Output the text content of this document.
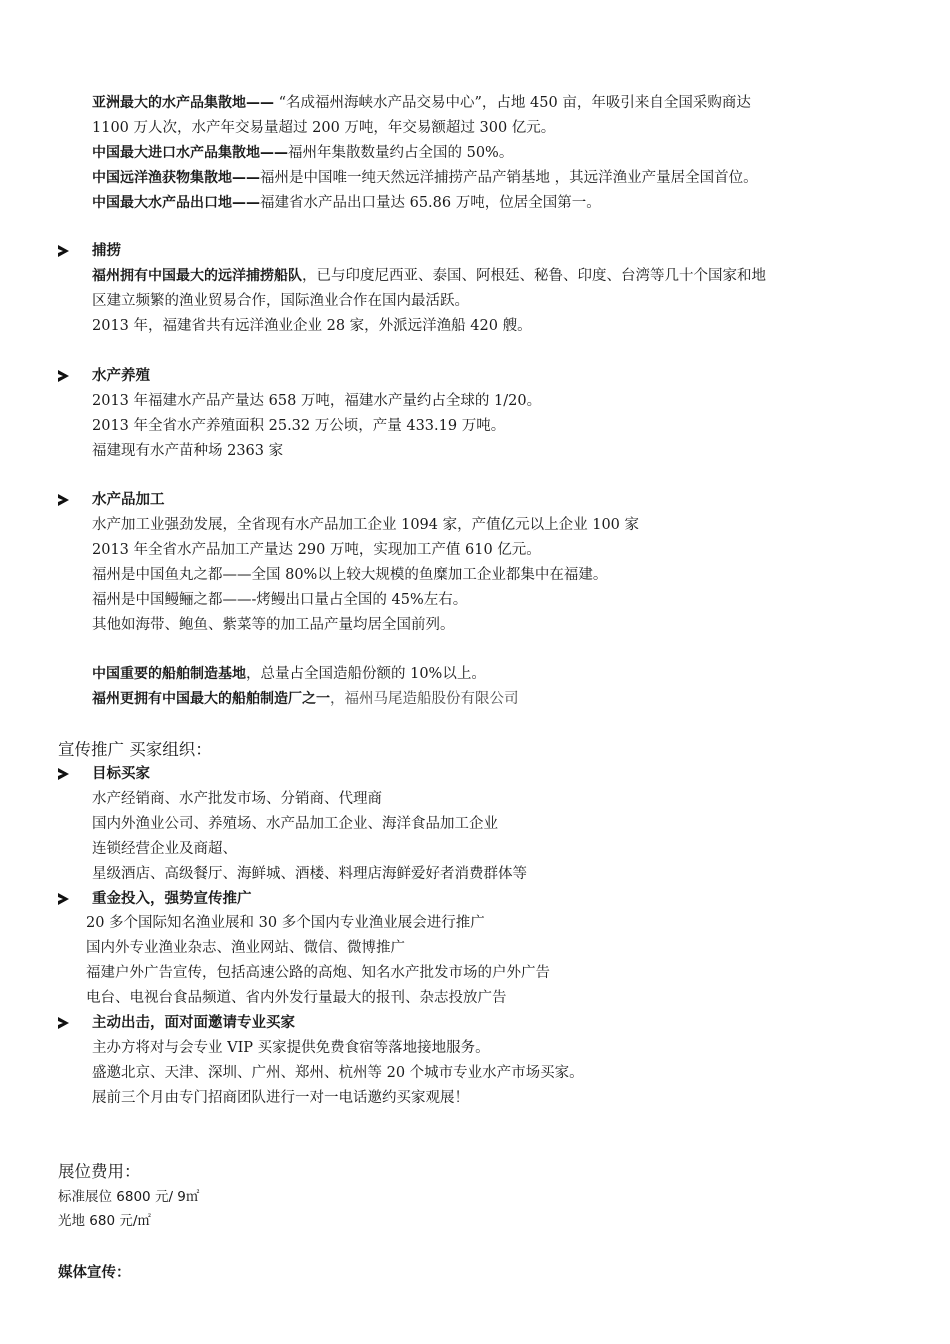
亚洲最大的水产品集散地—— “名成福州海峡水产品交易中心”，占地 450 亩，年吸引来自全国采购商达
1100 万人次，水产年交易量超过 200 万吨，年交易额超过 300 亿元。
中国最大进口水产品集散地——福州年集散数量约占全国的 50%。
中国远洋渔获物集散地——福州是中国唯一纯天然远洋捕捞产品产销基地 ，其远洋渔业产量居全国首位。
中国最大水产品出口地——福建省水产品出口量达 65.86 万吨，位居全国第一。
捕捞
福州拥有中国最大的远洋捕捞船队，已与印度尼西亚、泰国、阿根廷、秘鲁、印度、台湾等几十个国家和地
区建立频繁的渔业贸易合作，国际渔业合作在国内最活跃。
2013 年，福建省共有远洋渔业企业 28 家，外派远洋渔船 420 艘。
水产养殖
2013 年福建水产品产量达 658 万吨，福建水产量约占全球的 1/20。
2013 年全省水产养殖面积 25.32 万公顷，产量 433.19 万吨。
福建现有水产苗种场 2363 家
水产品加工
水产加工业强劲发展，全省现有水产品加工企业 1094 家，产值亿元以上企业 100 家
2013 年全省水产品加工产量达 290 万吨，实现加工产值 610 亿元。
福州是中国鱼丸之都——全国 80%以上较大规模的鱼糜加工企业都集中在福建。
福州是中国鳗鲡之都——-烤鳗出口量占全国的 45%左右。
其他如海带、鲍鱼、紫菜等的加工品产量均居全国前列。
中国重要的船舶制造基地，总量占全国造船份额的 10%以上。
福州更拥有中国最大的船舶制造厂之一，福州马尾造船股份有限公司
宣传推广 买家组织：
目标买家
水产经销商、水产批发市场、分销商、代理商
国内外渔业公司、养殖场、水产品加工企业、海洋食品加工企业
连锁经营企业及商超、
星级酒店、高级餐厅、海鲜城、酒楼、料理店海鲜爱好者消费群体等
重金投入，强势宣传推广
20 多个国际知名渔业展和 30 多个国内专业渔业展会进行推广
国内外专业渔业杂志、渔业网站、微信、微博推广
福建户外广告宣传，包括高速公路的高炮、知名水产批发市场的户外广告
电台、电视台食品频道、省内外发行量最大的报刊、杂志投放广告
主动出击，面对面邀请专业买家
主办方将对与会专业 VIP 买家提供免费食宿等落地接地服务。
盛邀北京、天津、深圳、广州、郑州、杭州等 20 个城市专业水产市场买家。
展前三个月由专门招商团队进行一对一电话邀约买家观展！
展位费用：
标准展位 6800 元/ 9㎡
光地 680 元/㎡
媒体宣传：
